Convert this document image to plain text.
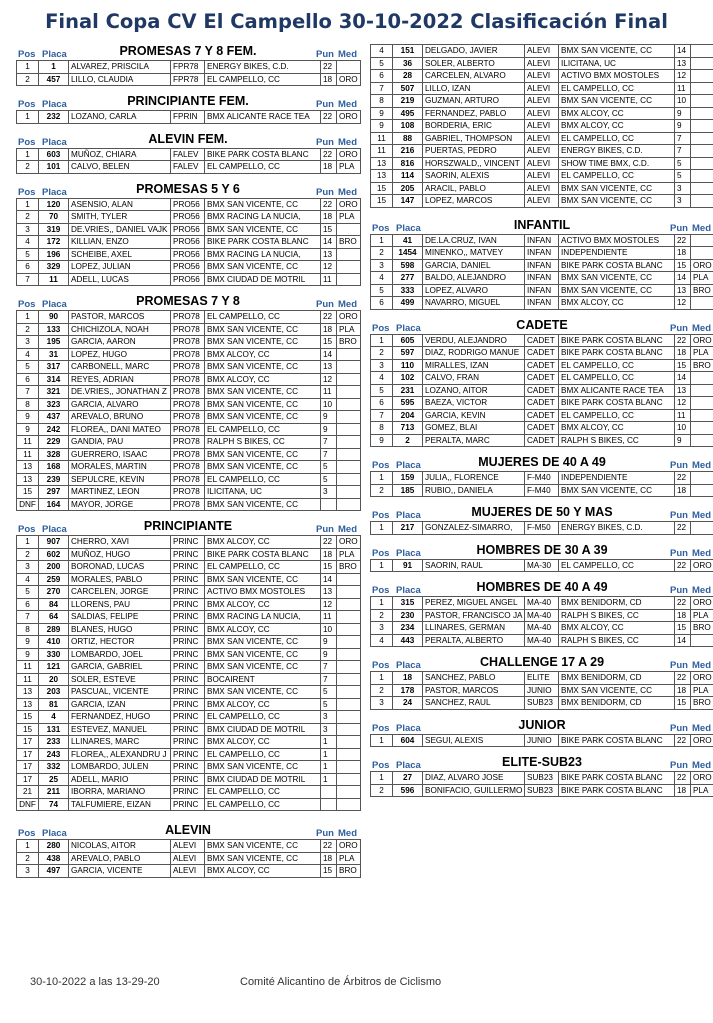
Final Copa CV El Campello 30-10-2022 Clasificación Final
Pos Placa	PROMESAS 7 Y 8 FEM.	Pun Med
1	1	ALVAREZ, PRISCILA	FPR78	ENERGY BIKES, C.D.	22	
2	457	LILLO, CLAUDIA	FPR78	EL CAMPELLO, CC	18	ORO
Pos Placa	PRINCIPIANTE FEM.	Pun Med
1	232	LOZANO, CARLA	FPRIN	BMX ALICANTE RACE TEA	22	ORO
Pos Placa	ALEVIN FEM.	Pun Med
1	603	MUÑOZ, CHIARA	FALEV	BIKE PARK COSTA BLANC	22	ORO
2	101	CALVO, BELEN	FALEV	EL CAMPELLO, CC	18	PLA
Pos Placa	PROMESAS 5 Y 6	Pun Med
1	120	ASENSIO, ALAN	PRO56	BMX SAN VICENTE, CC	22	ORO
2	70	SMITH, TYLER	PRO56	BMX RACING LA NUCIA,	18	PLA
3	319	DE.VRIES,, DANIEL VAJK	PRO56	BMX SAN VICENTE, CC	15	
4	172	KILLIAN, ENZO	PRO56	BIKE PARK COSTA BLANC	14	BRO
5	196	SCHEIBE, AXEL	PRO56	BMX RACING LA NUCIA,	13	
6	329	LOPEZ, JULIAN	PRO56	BMX SAN VICENTE, CC	12	
7	11	ADELL, LUCAS	PRO56	BMX CIUDAD DE MOTRIL	11	
Pos Placa	PROMESAS 7 Y 8	Pun Med
1	90	PASTOR, MARCOS	PRO78	EL CAMPELLO, CC	22	ORO
2	133	CHICHIZOLA, NOAH	PRO78	BMX SAN VICENTE, CC	18	PLA
3	195	GARCIA, AARON	PRO78	BMX SAN VICENTE, CC	15	BRO
4	31	LOPEZ, HUGO	PRO78	BMX ALCOY, CC	14	
5	317	CARBONELL, MARC	PRO78	BMX SAN VICENTE, CC	13	
6	314	REYES, ADRIAN	PRO78	BMX ALCOY, CC	12	
7	321	DE.VRIES,, JONATHAN Z	PRO78	BMX SAN VICENTE, CC	11	
8	323	GARCIA, ALVARO	PRO78	BMX SAN VICENTE, CC	10	
9	437	AREVALO, BRUNO	PRO78	BMX SAN VICENTE, CC	9	
9	242	FLOREA,, DANI MATEO	PRO78	EL CAMPELLO, CC	9	
11	229	GANDIA, PAU	PRO78	RALPH S BIKES, CC	7	
11	328	GUERRERO, ISAAC	PRO78	BMX SAN VICENTE, CC	7	
13	168	MORALES, MARTIN	PRO78	BMX SAN VICENTE, CC	5	
13	239	SEPULCRE, KEVIN	PRO78	EL CAMPELLO, CC	5	
15	297	MARTINEZ, LEON	PRO78	ILICITANA, UC	3	
DNF	164	MAYOR, JORGE	PRO78	BMX SAN VICENTE, CC		
Pos Placa	PRINCIPIANTE	Pun Med
1	907	CHERRO, XAVI	PRINC	BMX ALCOY, CC	22	ORO
2	602	MUÑOZ, HUGO	PRINC	BIKE PARK COSTA BLANC	18	PLA
3	200	BORONAD, LUCAS	PRINC	EL CAMPELLO, CC	15	BRO
4	259	MORALES, PABLO	PRINC	BMX SAN VICENTE, CC	14	
5	270	CARCELEN, JORGE	PRINC	ACTIVO BMX MOSTOLES	13	
6	84	LLORENS, PAU	PRINC	BMX ALCOY, CC	12	
7	64	SALDIAS, FELIPE	PRINC	BMX RACING LA NUCIA,	11	
8	289	BLANES, HUGO	PRINC	BMX ALCOY, CC	10	
9	410	ORTIZ, HECTOR	PRINC	BMX SAN VICENTE, CC	9	
9	330	LOMBARDO, JOEL	PRINC	BMX SAN VICENTE, CC	9	
11	121	GARCIA, GABRIEL	PRINC	BMX SAN VICENTE, CC	7	
11	20	SOLER, ESTEVE	PRINC	BOCAIRENT	7	
13	203	PASCUAL, VICENTE	PRINC	BMX SAN VICENTE, CC	5	
13	81	GARCIA, IZAN	PRINC	BMX ALCOY, CC	5	
15	4	FERNANDEZ, HUGO	PRINC	EL CAMPELLO, CC	3	
15	131	ESTEVEZ, MANUEL	PRINC	BMX CIUDAD DE MOTRIL	3	
17	233	LLINARES, MARC	PRINC	BMX ALCOY, CC	1	
17	243	FLOREA,, ALEXANDRU J	PRINC	EL CAMPELLO, CC	1	
17	332	LOMBARDO, JULEN	PRINC	BMX SAN VICENTE, CC	1	
17	25	ADELL, MARIO	PRINC	BMX CIUDAD DE MOTRIL	1	
21	211	IBORRA, MARIANO	PRINC	EL CAMPELLO, CC		
DNF	74	TALFUMIERE, EIZAN	PRINC	EL CAMPELLO, CC		
Pos Placa	ALEVIN	Pun Med
1	280	NICOLAS, AITOR	ALEVI	BMX SAN VICENTE, CC	22	ORO
2	438	AREVALO, PABLO	ALEVI	BMX SAN VICENTE, CC	18	PLA
3	497	GARCIA, VICENTE	ALEVI	BMX ALCOY, CC	15	BRO
4	151	DELGADO, JAVIER	ALEVI	BMX SAN VICENTE, CC	14	
5	36	SOLER, ALBERTO	ALEVI	ILICITANA, UC	13	
6	28	CARCELEN, ALVARO	ALEVI	ACTIVO BMX MOSTOLES	12	
7	507	LILLO, IZAN	ALEVI	EL CAMPELLO, CC	11	
8	219	GUZMAN, ARTURO	ALEVI	BMX SAN VICENTE, CC	10	
9	495	FERNANDEZ, PABLO	ALEVI	BMX ALCOY, CC	9	
9	108	BORDERIA, ERIC	ALEVI	BMX ALCOY, CC	9	
11	88	GABRIEL, THOMPSON	ALEVI	EL CAMPELLO, CC	7	
11	216	PUERTAS, PEDRO	ALEVI	ENERGY BIKES, C.D.	7	
13	816	HORSZWALD,, VINCENT	ALEVI	SHOW TIME BMX, C.D.	5	
13	114	SAORIN, ALEXIS	ALEVI	EL CAMPELLO, CC	5	
15	205	ARACIL, PABLO	ALEVI	BMX SAN VICENTE, CC	3	
15	147	LOPEZ, MARCOS	ALEVI	BMX SAN VICENTE, CC	3	
Pos Placa	INFANTIL	Pun Med
1	41	DE.LA.CRUZ, IVAN	INFAN	ACTIVO BMX MOSTOLES	22	
2	1454	MINENKO,, MATVEY	INFAN	INDEPENDIENTE	18	
3	598	GARCIA, DANIEL	INFAN	BIKE PARK COSTA BLANC	15	ORO
4	277	BALDO, ALEJANDRO	INFAN	BMX SAN VICENTE, CC	14	PLA
5	333	LOPEZ, ALVARO	INFAN	BMX SAN VICENTE, CC	13	BRO
6	499	NAVARRO, MIGUEL	INFAN	BMX ALCOY, CC	12	
Pos Placa	CADETE	Pun Med
1	605	VERDU, ALEJANDRO	CADET	BIKE PARK COSTA BLANC	22	ORO
2	597	DIAZ, RODRIGO MANUE	CADET	BIKE PARK COSTA BLANC	18	PLA
3	110	MIRALLES, IZAN	CADET	EL CAMPELLO, CC	15	BRO
4	102	CALVO, FRAN	CADET	EL CAMPELLO, CC	14	
5	231	LOZANO, AITOR	CADET	BMX ALICANTE RACE TEA	13	
6	595	BAEZA, VICTOR	CADET	BIKE PARK COSTA BLANC	12	
7	204	GARCIA, KEVIN	CADET	EL CAMPELLO, CC	11	
8	713	GOMEZ, BLAI	CADET	BMX ALCOY, CC	10	
9	2	PERALTA, MARC	CADET	RALPH S BIKES, CC	9	
Pos Placa	MUJERES DE 40 A 49	Pun Med
1	159	JULIA,, FLORENCE	F-M40	INDEPENDIENTE	22	
2	185	RUBIO,, DANIELA	F-M40	BMX SAN VICENTE, CC	18	
Pos Placa	MUJERES DE 50 Y MAS	Pun Med
1	217	GONZALEZ-SIMARRO,	F-M50	ENERGY BIKES, C.D.	22	
Pos Placa	HOMBRES DE 30 A 39	Pun Med
1	91	SAORIN, RAUL	MA-30	EL CAMPELLO, CC	22	ORO
Pos Placa	HOMBRES DE 40 A 49	Pun Med
1	315	PEREZ, MIGUEL ANGEL	MA-40	BMX BENIDORM, CD	22	ORO
2	230	PASTOR, FRANCISCO JA	MA-40	RALPH S BIKES, CC	18	PLA
3	234	LLINARES, GERMAN	MA-40	BMX ALCOY, CC	15	BRO
4	443	PERALTA, ALBERTO	MA-40	RALPH S BIKES, CC	14	
Pos Placa	CHALLENGE 17 A 29	Pun Med
1	18	SANCHEZ, PABLO	ELITE	BMX BENIDORM, CD	22	ORO
2	178	PASTOR, MARCOS	JUNIO	BMX SAN VICENTE, CC	18	PLA
3	24	SANCHEZ, RAUL	SUB23	BMX BENIDORM, CD	15	BRO
Pos Placa	JUNIOR	Pun Med
1	604	SEGUI, ALEXIS	JUNIO	BIKE PARK COSTA BLANC	22	ORO
Pos Placa	ELITE-SUB23	Pun Med
1	27	DIAZ, ALVARO JOSE	SUB23	BIKE PARK COSTA BLANC	22	ORO
2	596	BONIFACIO, GUILLERMO	SUB23	BIKE PARK COSTA BLANC	18	PLA
30-10-2022 a las 13-29-20	Comité Alicantino de Árbitros de Ciclismo
